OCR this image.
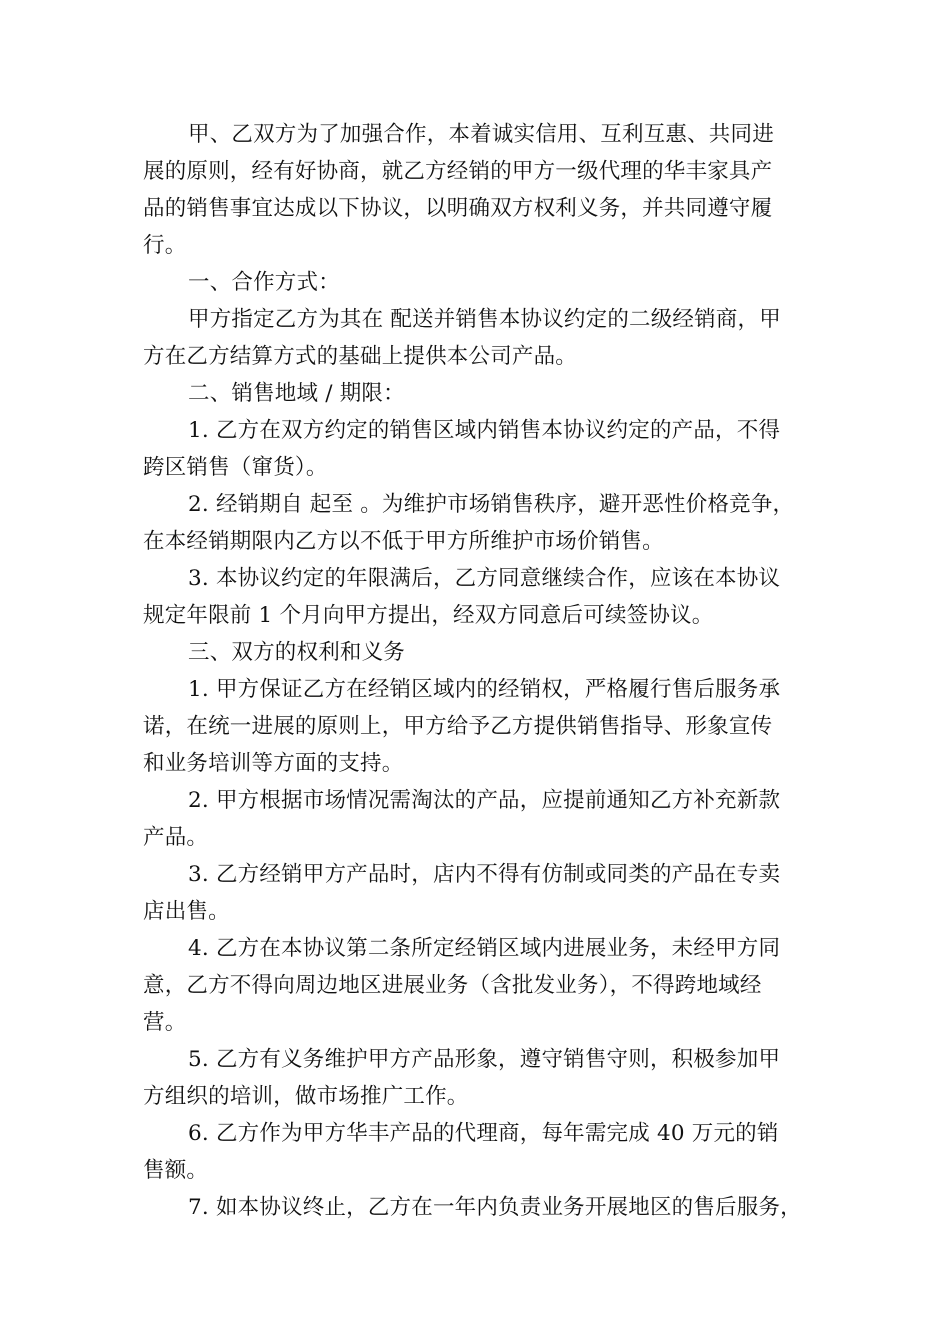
甲、乙双方为了加强合作，本着诚实信用、互利互惠、共同进
展的原则，经有好协商，就乙方经销的甲方一级代理的华丰家具产
品的销售事宜达成以下协议，以明确双方权利义务，并共同遵守履
行。
一、合作方式：
甲方指定乙方为其在 配送并销售本协议约定的二级经销商，甲
方在乙方结算方式的基础上提供本公司产品。
二、销售地域 / 期限：
1. 乙方在双方约定的销售区域内销售本协议约定的产品，不得
跨区销售（窜货）。
2. 经销期自 起至 。为维护市场销售秩序，避开恶性价格竞争，
在本经销期限内乙方以不低于甲方所维护市场价销售。
3. 本协议约定的年限满后，乙方同意继续合作，应该在本协议
规定年限前 1 个月向甲方提出，经双方同意后可续签协议。
三、双方的权利和义务
1. 甲方保证乙方在经销区域内的经销权，严格履行售后服务承
诺，在统一进展的原则上，甲方给予乙方提供销售指导、形象宣传
和业务培训等方面的支持。
2. 甲方根据市场情况需淘汰的产品，应提前通知乙方补充新款
产品。
3. 乙方经销甲方产品时，店内不得有仿制或同类的产品在专卖
店出售。
4. 乙方在本协议第二条所定经销区域内进展业务，未经甲方同
意，乙方不得向周边地区进展业务（含批发业务），不得跨地域经
营。
5. 乙方有义务维护甲方产品形象，遵守销售守则，积极参加甲
方组织的培训，做市场推广工作。
6. 乙方作为甲方华丰产品的代理商，每年需完成 40 万元的销
售额。
7. 如本协议终止，乙方在一年内负责业务开展地区的售后服务，
